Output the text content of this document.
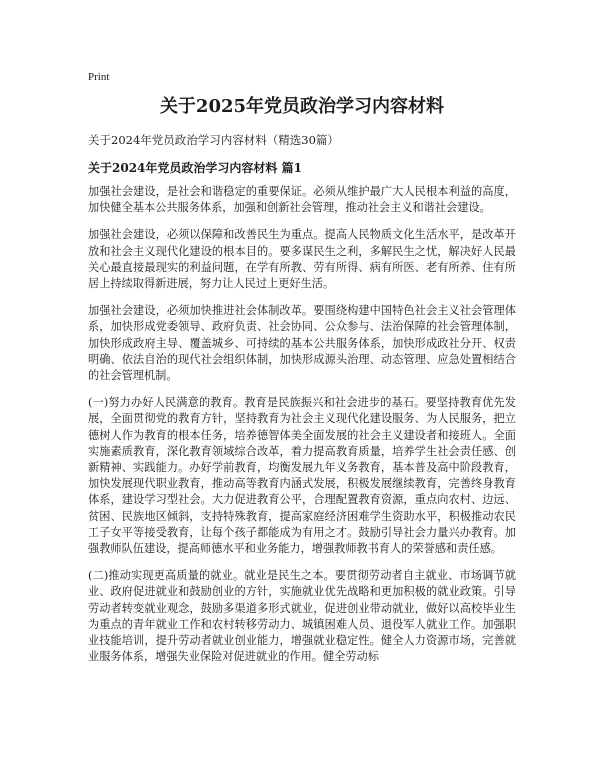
Print
关于2025年党员政治学习内容材料
关于2024年党员政治学习内容材料（精选30篇）
关于2024年党员政治学习内容材料 篇1

加强社会建设，是社会和谐稳定的重要保证。必须从维护最广大人民根本利益的高度，加快健全基本公共服务体系，加强和创新社会管理，推动社会主义和谐社会建设。

加强社会建设，必须以保障和改善民生为重点。提高人民物质文化生活水平，是改革开放和社会主义现代化建设的根本目的。要多谋民生之利，多解民生之忧，解决好人民最关心最直接最现实的利益问题，在学有所教、劳有所得、病有所医、老有所养、住有所居上持续取得新进展，努力让人民过上更好生活。

加强社会建设，必须加快推进社会体制改革。要围绕构建中国特色社会主义社会管理体系，加快形成党委领导、政府负责、社会协同、公众参与、法治保障的社会管理体制，加快形成政府主导、覆盖城乡、可持续的基本公共服务体系，加快形成政社分开、权责明确、依法自治的现代社会组织体制，加快形成源头治理、动态管理、应急处置相结合的社会管理机制。

(一)努力办好人民满意的教育。教育是民族振兴和社会进步的基石。要坚持教育优先发展，全面贯彻党的教育方针，坚持教育为社会主义现代化建设服务、为人民服务，把立德树人作为教育的根本任务，培养德智体美全面发展的社会主义建设者和接班人。全面实施素质教育，深化教育领域综合改革，着力提高教育质量，培养学生社会责任感、创新精神、实践能力。办好学前教育，均衡发展九年义务教育，基本普及高中阶段教育，加快发展现代职业教育，推动高等教育内涵式发展，积极发展继续教育，完善终身教育体系，建设学习型社会。大力促进教育公平，合理配置教育资源，重点向农村、边远、贫困、民族地区倾斜，支持特殊教育，提高家庭经济困难学生资助水平，积极推动农民工子女平等接受教育，让每个孩子都能成为有用之才。鼓励引导社会力量兴办教育。加强教师队伍建设，提高师德水平和业务能力，增强教师教书育人的荣誉感和责任感。

(二)推动实现更高质量的就业。就业是民生之本。要贯彻劳动者自主就业、市场调节就业、政府促进就业和鼓励创业的方针，实施就业优先战略和更加积极的就业政策。引导劳动者转变就业观念，鼓励多渠道多形式就业，促进创业带动就业，做好以高校毕业生为重点的青年就业工作和农村转移劳动力、城镇困难人员、退役军人就业工作。加强职业技能培训，提升劳动者就业创业能力，增强就业稳定性。健全人力资源市场，完善就业服务体系，增强失业保险对促进就业的作用。健全劳动标
